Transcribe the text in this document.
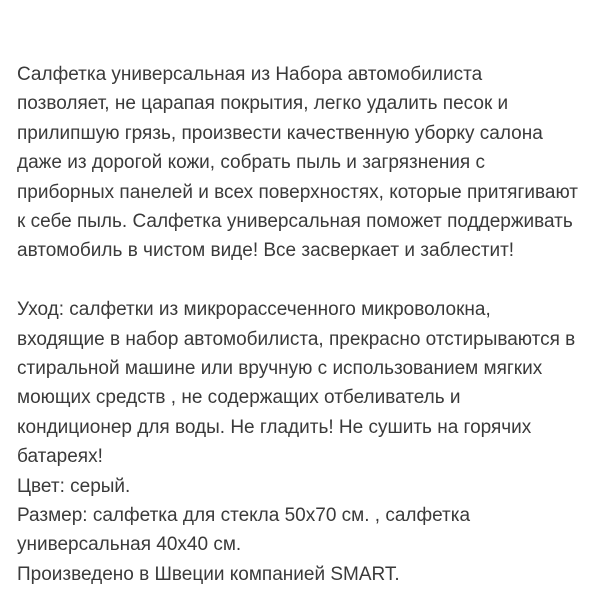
Салфетка универсальная из Набора автомобилиста
позволяет, не царапая покрытия, легко удалить песок и
прилипшую грязь, произвести качественную уборку салона
даже из дорогой кожи, собрать пыль и загрязнения с
приборных панелей и всех поверхностях, которые притягивают
к себе пыль. Салфетка универсальная поможет поддерживать
автомобиль в чистом виде! Все засверкает и заблестит!

Уход: салфетки из микрорассеченного микроволокна,
входящие в набор автомобилиста, прекрасно отстирываются в
стиральной машине или вручную с использованием мягких
моющих средств , не содержащих отбеливатель и
кондиционер для воды. Не гладить! Не сушить на горячих
батареях!
Цвет: серый.
Размер: салфетка для стекла 50х70 см. , салфетка
универсальная 40х40 см.
Произведено в Швеции компанией SMART.
